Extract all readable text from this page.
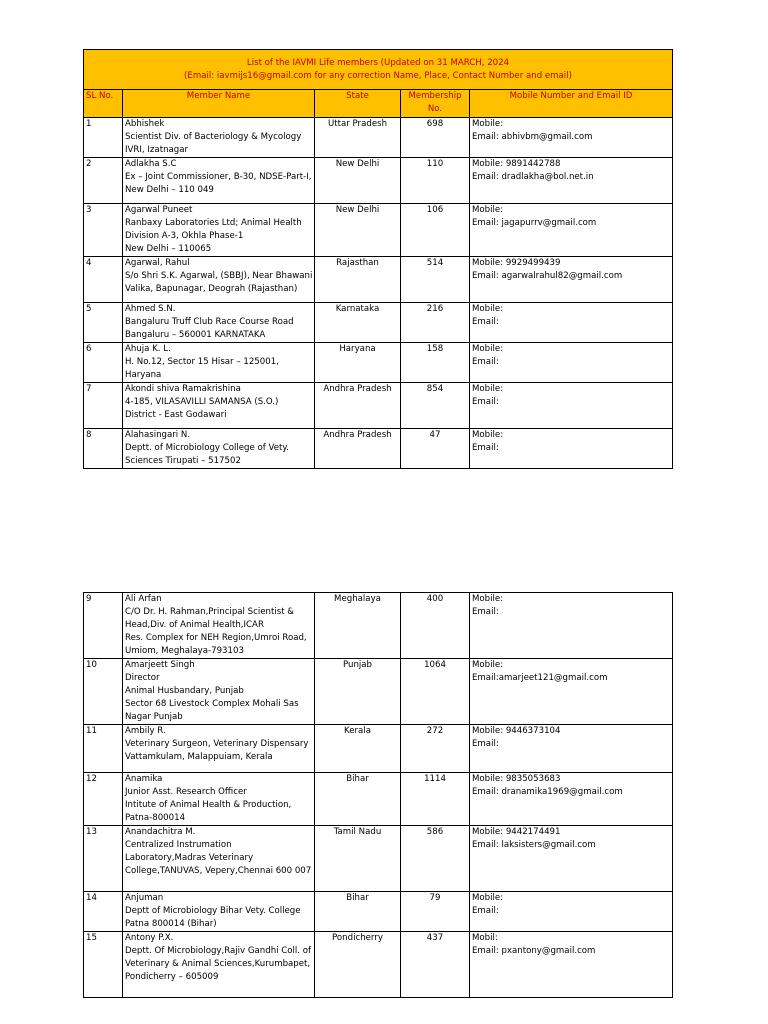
List of the IAVMI Life members (Updated on 31 MARCH, 2024
(Email: iavmijs16@gmail.com for any correction Name, Place, Contact Number and email)				

SL No.	Member Name	State	Membership
No.	Mobile Number and Email ID
1	Abhishek
Scientist Div. of Bacteriology & Mycology
IVRI, Izatnagar	Uttar Pradesh	698	Mobile:
Email: abhivbm@gmail.com

2	Adlakha S.C
Ex – Joint Commissioner, B-30, NDSE-Part-I,
New Delhi – 110 049	New Delhi	110	Mobile: 9891442788
Email: dradlakha@bol.net.in

3	Agarwal Puneet
Ranbaxy Laboratories Ltd; Animal Health
Division A-3, Okhla Phase-1
New Delhi – 110065	New Delhi	106	Mobile:
Email: jagapurrv@gmail.com

4	Agarwal, Rahul
S/o Shri S.K. Agarwal, (SBBJ), Near Bhawani
Valika, Bapunagar, Deograh (Rajasthan)	Rajasthan	514	Mobile: 9929499439
Email: agarwalrahul82@gmail.com

5	Ahmed S.N.
Bangaluru Truff Club Race Course Road
Bangaluru – 560001 KARNATAKA	Karnataka	216	Mobile:
Email:

6	Ahuja K. L.
H. No.12, Sector 15 Hisar – 125001,
Haryana	Haryana	158	Mobile:
Email:

7	Akondi shiva Ramakrishina
4-185, VILASAVILLI SAMANSA (S.O.)
District - East Godawari	Andhra Pradesh	854	Mobile:
Email:

8	Alahasingari N.
Deptt. of Microbiology College of Vety.
Sciences Tirupati – 517502	Andhra Pradesh	47	Mobile:
Email:
9	Ali Arfan
C/O Dr. H. Rahman,Principal Scientist &
Head,Div. of Animal Health,ICAR
Res. Complex for NEH Region,Umroi Road,
Umiom, Meghalaya-793103	Meghalaya	400	Mobile:
Email:

10	Amarjeett Singh
Director
Animal Husbandary, Punjab
Sector 68 Livestock Complex Mohali Sas
Nagar Punjab	Punjab	1064	Mobile:
Email:amarjeet121@gmail.com

11	Ambily R.
Veterinary Surgeon, Veterinary Dispensary
Vattamkulam, Malappuiam, Kerala	Kerala	272	Mobile: 9446373104
Email:

12	Anamika
Junior Asst. Research Officer
Intitute of Animal Health & Production,
Patna-800014	Bihar	1114	Mobile: 9835053683
Email: dranamika1969@gmail.com

13	Anandachitra M.
Centralized Instrumation
Laboratory,Madras Veterinary
College,TANUVAS, Vepery,Chennai 600 007	Tamil Nadu	586	Mobile: 9442174491
Email: laksisters@gmail.com

14	Anjuman
Deptt of Microbiology Bihar Vety. College
Patna 800014 (Bihar)	Bihar	79	Mobile:
Email:

15	Antony P.X.
Deptt. Of Microbiology,Rajiv Gandhi Coll. of
Veterinary & Animal Sciences,Kurumbapet,
Pondicherry – 605009	Pondicherry	437	Mobil:
Email: pxantony@gmail.com
